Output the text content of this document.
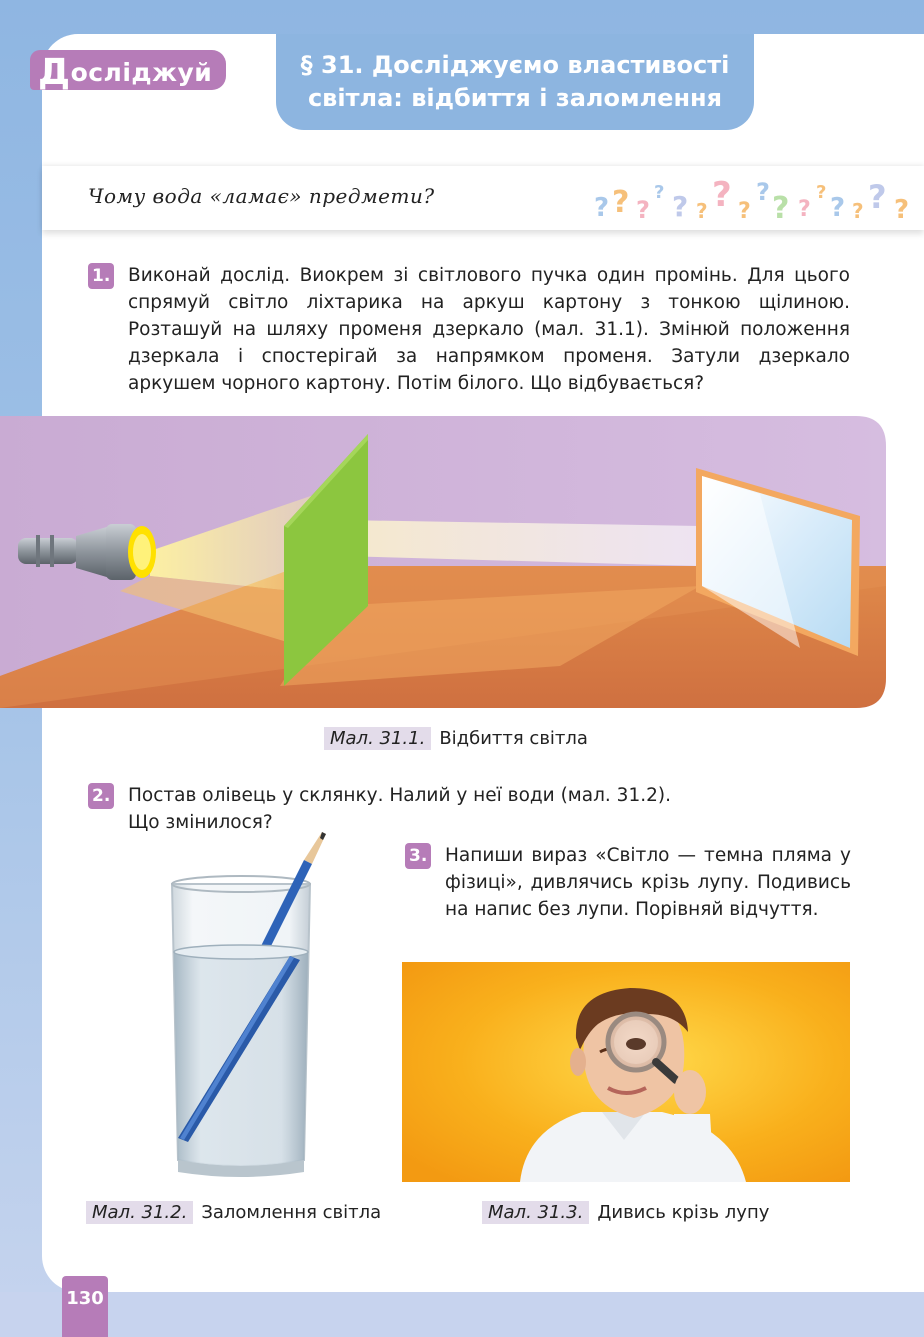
Досліджуй	§ 31. Досліджуємо властивості
світла: відбиття і заломлення
Чому вода «ламає» предмети?	? ? ?
? ? ? ? ?
? ? ?
?
? ? ? ?
1. Виконай дослід. Виокрем зі світлового пучка один промінь. Для цього спрямуй світло ліхтарика на аркуш картону з тонкою щілиною. Розташуй на шляху променя дзеркало (мал. 31.1). Змінюй положення дзеркала і спостерігай за напрямком променя. Затули дзеркало аркушем чорного картону. Потім білого. Що відбувається?
Мал. 31.1. Відбиття світла
2. Постав олівець у склянку. Налий у неї води (мал. 31.2).
Що змінилося?
3. Напиши вираз «Світло — темна пляма у фізиці», дивлячись крізь лупу. Подивись на напис без лупи. Порівняй відчуття.
Мал. 31.2. Заломлення світла	Мал. 31.3. Дивись крізь лупу
130
